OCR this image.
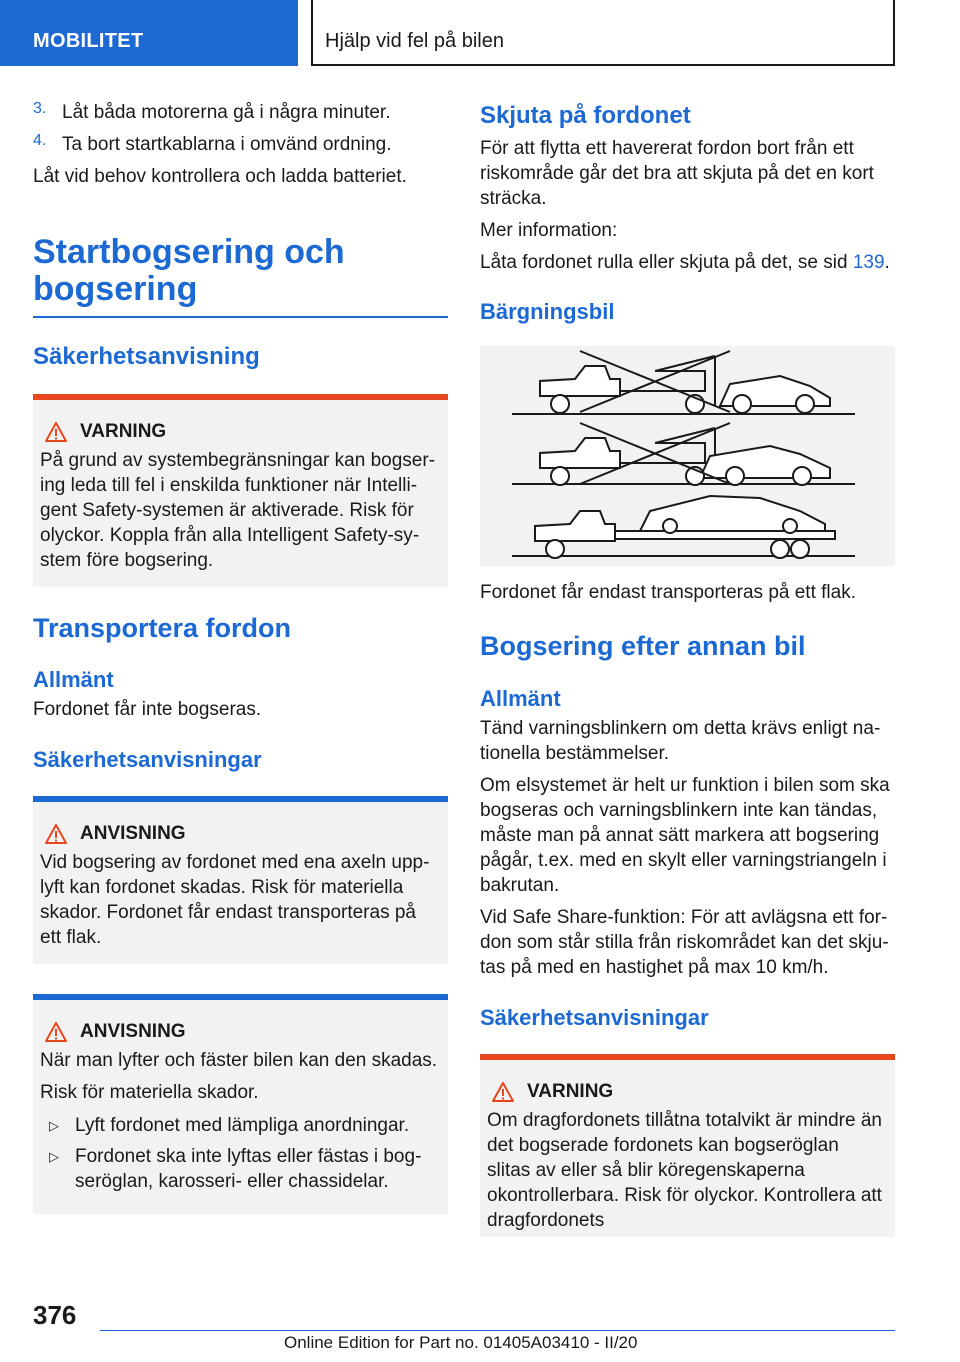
MOBILITET	Hjälp vid fel på bilen
3. Låt båda motorerna gå i några minuter.

4. Ta bort startkablarna i omvänd ordning.

Låt vid behov kontrollera och ladda batteriet.

Startbogsering och bogsering
Säkerhetsanvisning
VARNING

På grund av systembegränsningar kan bogsering leda till fel i enskilda funktioner när Intelligent Safety-systemen är aktiverade. Risk för olyckor. Koppla från alla Intelligent Safety-system före bogsering.

Transportera fordon
Allmänt

Fordonet får inte bogseras.

Säkerhetsanvisningar
ANVISNING

Vid bogsering av fordonet med ena axeln upplyft kan fordonet skadas. Risk för materiella skador. Fordonet får endast transporteras på ett flak.

ANVISNING

När man lyfter och fäster bilen kan den skadas.

Risk för materiella skador.

▷ Lyft fordonet med lämpliga anordningar.

▷ Fordonet ska inte lyftas eller fästas i bogseröglan, karosseri- eller chassidelar.

Skjuta på fordonet

För att flytta ett havererat fordon bort från ett riskområde går det bra att skjuta på det en kort sträcka.

Mer information:

Låta fordonet rulla eller skjuta på det, se sid 139.

Bärgningsbil

Fordonet får endast transporteras på ett flak.

Bogsering efter annan bil
Allmänt

Tänd varningsblinkern om detta krävs enligt nationella bestämmelser.

Om elsystemet är helt ur funktion i bilen som ska bogseras och varningsblinkern inte kan tändas, måste man på annat sätt markera att bogsering pågår, t.ex. med en skylt eller varningstriangeln i bakrutan.

Vid Safe Share-funktion: För att avlägsna ett fordon som står stilla från riskområdet kan det skjutas på med en hastighet på max 10 km/h.

Säkerhetsanvisningar
VARNING

Om dragfordonets tillåtna totalvikt är mindre än det bogserade fordonets kan bogseröglan slitas av eller så blir köregenskaperna okontrollerbara. Risk för olyckor. Kontrollera att dragfordonets

376
Online Edition for Part no. 01405A03410 - II/20
